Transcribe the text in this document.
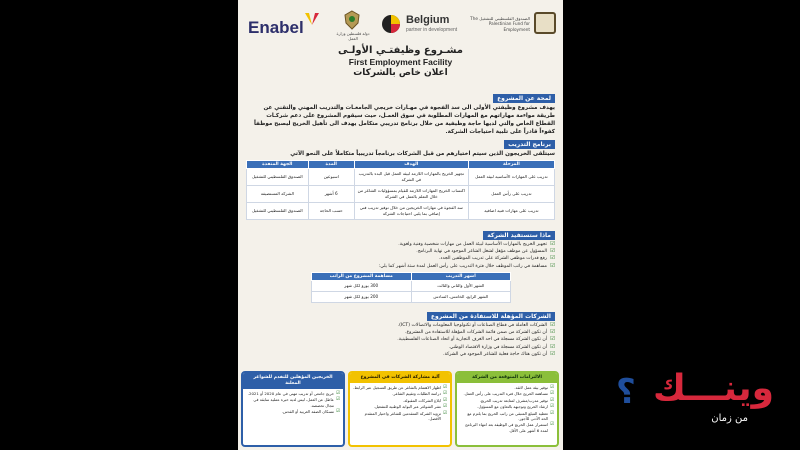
Enabel	دولة فلسطين وزارة العمل
Belgium
partner in development
الصندوق الفلسطيني للتشغيل The Palestinian Fund for Employment
مشـروع وظيفتـي الأولـى
First Employment Facility
اعلان خاص بالشركات
لمحة عن المشروع
يهدف مشروع وظيفتي الأولى الى سد الفجوة في مهـارات خريجي الجامعـات والتدريب المهني والتقني عن طريقة مواءمة مهاراتهم مع المهارات المطلوبة في سوق العمـل، حيث سيقوم المشروع على دعم شركـات القطاع الخاص والتي لديها حاجة وظيفية من خلال برنامج تدريبي متكامل يهدف الى تأهيل الخريج ليصبح موظفاً كفوءاً قادراً على تلبية احتياجات الشركة.
برنامج التدريب
سيتلقى الخريجون الذين سيتم اختيارهم من قبل الشركات برنامجاً تدريبياً متكاملاً على النحو الآتي
المرحلة	الهدف	المدة	الجهة المنفذة
تدريب على المهارات الأساسية لبيئة العمل	تجهيز الخريج بالمهارات اللازمة لبيئة العمل قبل البدء بالتدريب في الشركة	اسبوعين	الصندوق الفلسطيني للتشغيل
تدريب على رأس العمل	اكتساب الخريج المهارات اللازمة للقيام بمسؤوليات الشاغر من خلال التعلم بالعمل في الشركة	6 أشهر	الشركة المستضيفة
تدريب على مهارات فنية اضافية	سد الفجوة في مهارات الخريجين من خلال توفير تدريب فني إضافي بما يلبي احتياجات الشركة	حسب الحاجة	الصندوق الفلسطيني للتشغيل
ماذا ستستفيد الشركة
☑ تجهيز الخريج بالمهارات الأساسية لبيئة العمل من مهارات شخصية وفنية ولغوية.
☑ المسؤول عن موظف مؤهل لشغل الشاغر الموجود في نهاية البرنامج.
☑ رفع قدرات موظفي الشركة على تدريب الموظفين الجدد.
☑ مساهمة في راتب الموظف خلال فترة التدريب على رأس العمل لمدة ستة أشهر كما يلي:
اشهر التدريب	مساهمة المشروع من الراتب
الشهر الأول والثاني والثالث	300 يورو لكل شهر
الشهر الرابع، الخامس، السادس	200 يورو لكل شهر
الشركات المؤهلة للاستفادة من المشروع
☑ الشركات العاملة في قطاع الصناعات أو تكنولوجيا المعلومات والاتصالات (ICT).
☑ أن تكون الشركة من ضمن قائمة الشركات المؤهلة للاستفادة من المشروع.
☑ أن تكون الشركة مسجلة في احد الغرف التجارية أو اتحاد الصناعات الفلسطينية.
☑ أن تكون الشركة مسجلة في وزارة الاقتصاد الوطني.
☑ أن تكون هناك حاجة فعلية للشاغر الموجود في الشركة.
الالتزامات المتوقعة من الشركة
☑ توفير بيئة عمل لائقة.
☑ مساهمة الخريج خلال فترة التدريب على رأس العمل.
☑ توفير مدرب/مشرف لمتابعة تدريب الخريج.
☑ ارشاد الخريج وتوجيهه بالتعاون مع المسؤول.
☑ تغطية المبلغ المتبقي من راتب الخريج بما يلتزم مع الحد الأدنى للأجور.
☑ استمرار عمل الخريج في الوظيفة بعد انتهاء البرنامج لمدة 6 أشهر على الأقل.
آلية مشاركة الشركات في المشروع
☑ اظهار الاهتمام بالشاغر عن طريق التسجيل عبر الرابط.
☑ دراسة الطلبات وتقييم الشاغر.
☑ ابلاغ الشركات المقبولة.
☑ نشر الشواغر عبر البوابة الوطنية للتشغيل.
☑ تزويد الشركة المتقدمين للشاغر واختيار المتقدم الأفضل.
الخريجين المؤهلين للتقدم للشواغر المعلنة
☑ خريج جامعي أو تدريب مهني في عام 2020 أو 2021.
☑ عاطل عن العمل، ليس لديه خبرة عملية سابقة في مجال تخصصه.
☑ مسكان الضفة الغربية أو القدس.	؟ وينـــك
من زمان
